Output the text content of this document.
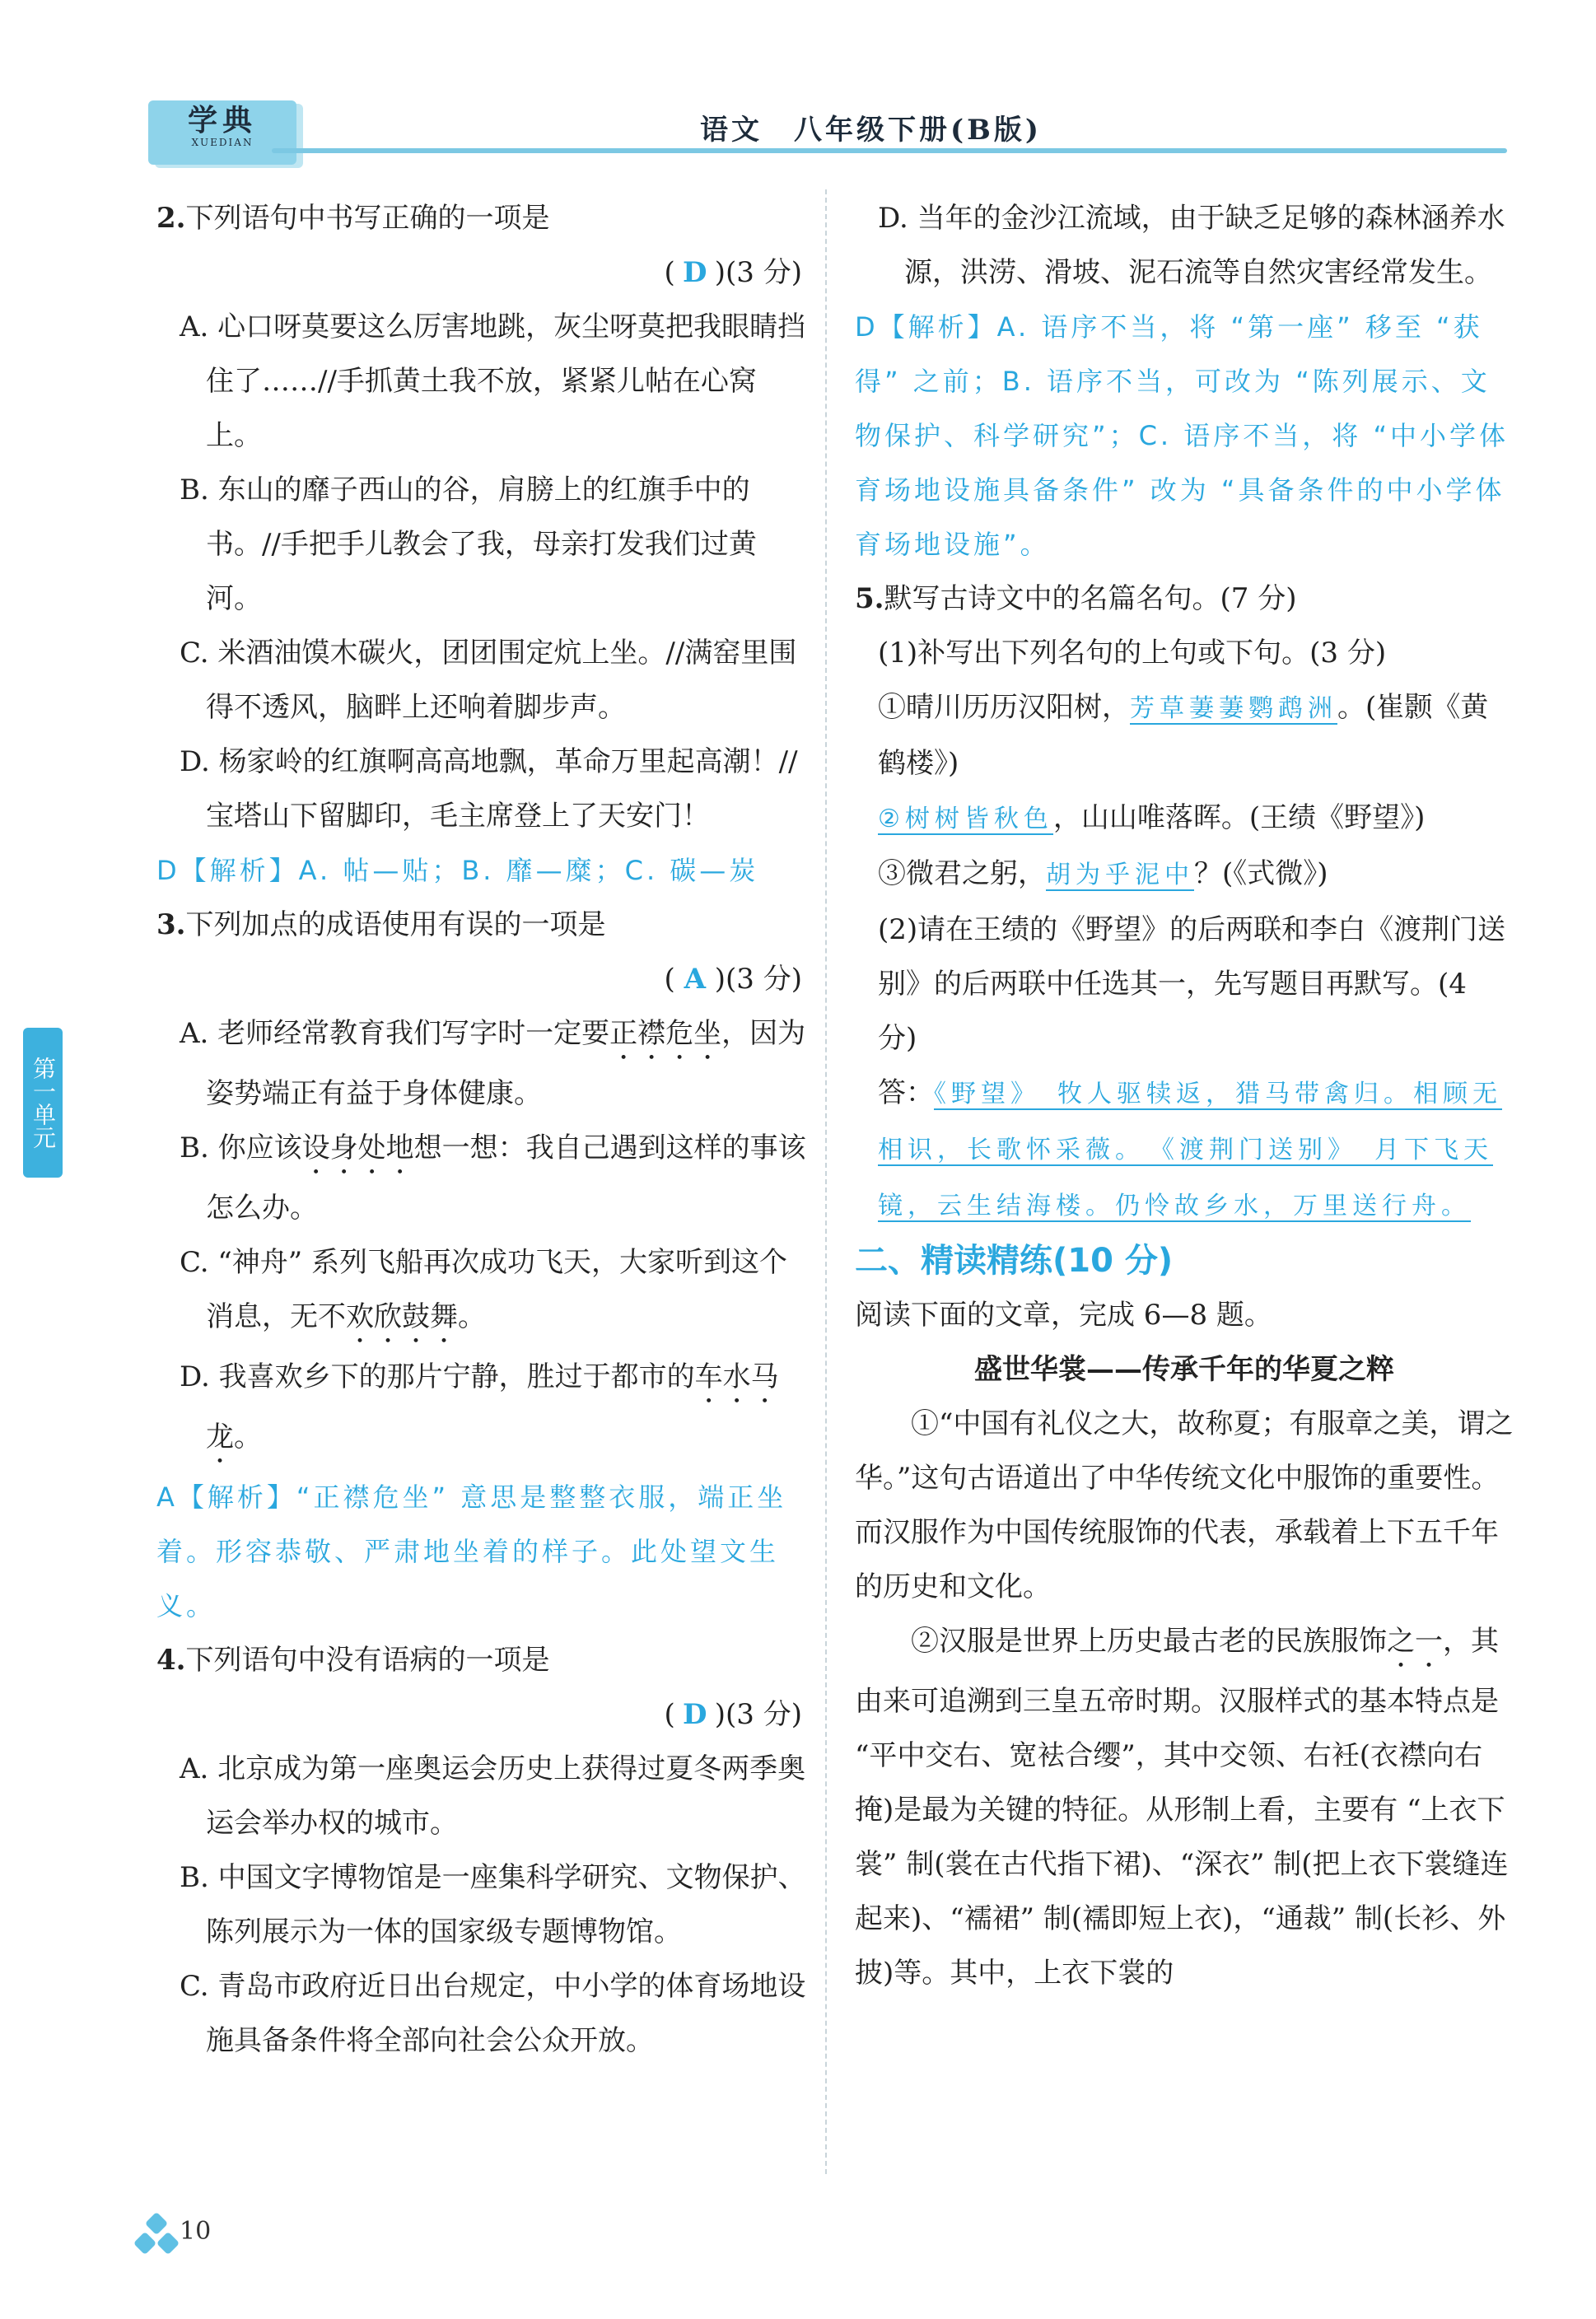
学典
XUEDIAN	语文　八年级下册(B版)
第一单元

2.下列语句中书写正确的一项是

( D )(3 分)

A. 心口呀莫要这么厉害地跳，灰尘呀莫把我眼睛挡住了……//手抓黄土我不放，紧紧儿帖在心窝上。

B. 东山的靡子西山的谷，肩膀上的红旗手中的书。//手把手儿教会了我，母亲打发我们过黄河。

C. 米酒油馍木碳火，团团围定炕上坐。//满窑里围得不透风，脑畔上还响着脚步声。

D. 杨家岭的红旗啊高高地飘，革命万里起高潮！//宝塔山下留脚印，毛主席登上了天安门！

D【解析】A. 帖—贴；B. 靡—糜；C. 碳—炭

3.下列加点的成语使用有误的一项是

( A )(3 分)

A. 老师经常教育我们写字时一定要正襟危坐，因为姿势端正有益于身体健康。

B. 你应该设身处地想一想：我自己遇到这样的事该怎么办。

C. “神舟” 系列飞船再次成功飞天，大家听到这个消息，无不欢欣鼓舞。

D. 我喜欢乡下的那片宁静，胜过于都市的车水马龙。

A【解析】“正襟危坐” 意思是整整衣服，端正坐着。形容恭敬、严肃地坐着的样子。此处望文生义。

4.下列语句中没有语病的一项是

( D )(3 分)

A. 北京成为第一座奥运会历史上获得过夏冬两季奥运会举办权的城市。

B. 中国文字博物馆是一座集科学研究、文物保护、陈列展示为一体的国家级专题博物馆。

C. 青岛市政府近日出台规定，中小学的体育场地设施具备条件将全部向社会公众开放。

D. 当年的金沙江流域，由于缺乏足够的森林涵养水源，洪涝、滑坡、泥石流等自然灾害经常发生。

D【解析】A. 语序不当，将 “第一座” 移至 “获得” 之前；B. 语序不当，可改为 “陈列展示、文物保护、科学研究”；C. 语序不当，将 “中小学体育场地设施具备条件” 改为 “具备条件的中小学体育场地设施”。

5.默写古诗文中的名篇名句。(7 分)

(1)补写出下列名句的上句或下句。(3 分)

①晴川历历汉阳树，芳草萋萋鹦鹉洲。(崔颢《黄鹤楼》)

②树树皆秋色，山山唯落晖。(王绩《野望》)

③微君之躬，胡为乎泥中？(《式微》)

(2)请在王绩的《野望》的后两联和李白《渡荆门送别》的后两联中任选其一，先写题目再默写。(4 分)

答：《野望》　牧人驱犊返，猎马带禽归。相顾无相识，长歌怀采薇。　《渡荆门送别》　月下飞天镜，云生结海楼。仍怜故乡水，万里送行舟。

二、精读精练(10 分)

阅读下面的文章，完成 6—8 题。

盛世华裳——传承千年的华夏之粹

①“中国有礼仪之大，故称夏；有服章之美，谓之华。”这句古语道出了中华传统文化中服饰的重要性。而汉服作为中国传统服饰的代表，承载着上下五千年的历史和文化。

②汉服是世界上历史最古老的民族服饰之一，其由来可追溯到三皇五帝时期。汉服样式的基本特点是 “平中交右、宽袪合缨”，其中交领、右衽(衣襟向右掩)是最为关键的特征。从形制上看，主要有 “上衣下裳” 制(裳在古代指下裙)、“深衣” 制(把上衣下裳缝连起来)、“襦裙” 制(襦即短上衣)，“通裁” 制(长衫、外披)等。其中，上衣下裳的

10
